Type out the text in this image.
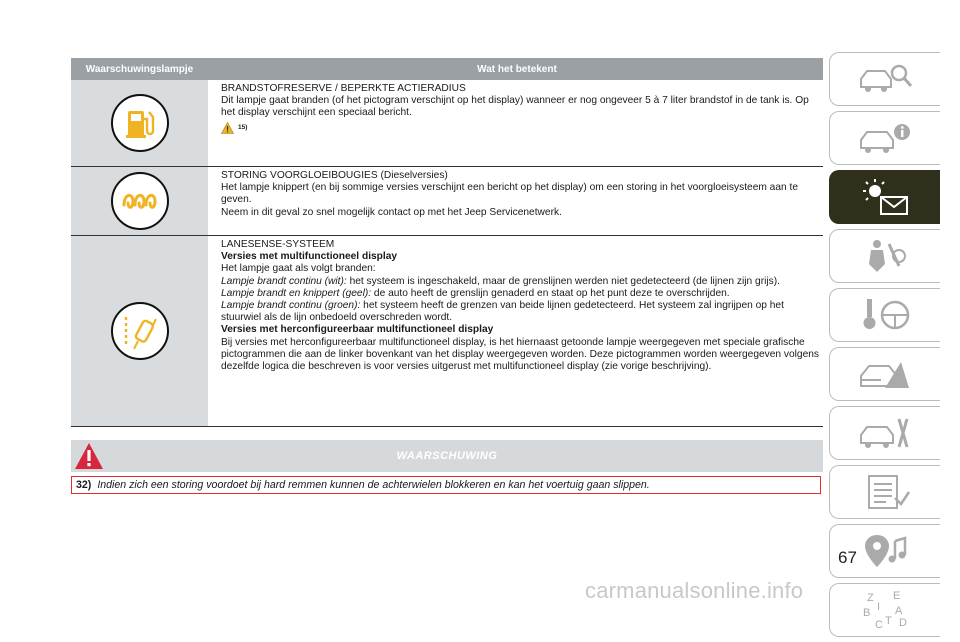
Waarschuwingslampje	Wat het betekent
BRANDSTOFRESERVE / BEPERKTE ACTIERADIUS
Dit lampje gaat branden (of het pictogram verschijnt op het display) wanneer er nog ongeveer 5 à 7 liter brandstof in de tank is. Op het display verschijnt een speciaal bericht.
15)
STORING VOORGLOEIBOUGIES (Dieselversies)
Het lampje knippert (en bij sommige versies verschijnt een bericht op het display) om een storing in het voorgloeisysteem aan te geven.
Neem in dit geval zo snel mogelijk contact op met het Jeep Servicenetwerk.
LANESENSE-SYSTEEM
Versies met multifunctioneel display
Het lampje gaat als volgt branden:
Lampje brandt continu (wit): het systeem is ingeschakeld, maar de grenslijnen werden niet gedetecteerd (de lijnen zijn grijs).
Lampje brandt en knippert (geel): de auto heeft de grenslijn genaderd en staat op het punt deze te overschrijden.
Lampje brandt continu (groen): het systeem heeft de grenzen van beide lijnen gedetecteerd. Het systeem zal ingrijpen op het stuurwiel als de lijn onbedoeld overschreden wordt.
Versies met herconfigureerbaar multifunctioneel display
Bij versies met herconfigureerbaar multifunctioneel display, is het hiernaast getoonde lampje weergegeven met speciale grafische pictogrammen die aan de linker bovenkant van het display weergegeven worden. Deze pictogrammen worden weergegeven volgens dezelfde logica die beschreven is voor versies uitgerust met multifunctioneel display (zie vorige beschrijving).
WAARSCHUWING
32) Indien zich een storing voordoet bij hard remmen kunnen de achterwielen blokkeren en kan het voertuig gaan slippen.
Z E
B A
C D
I
T
67
carmanualsonline.info
